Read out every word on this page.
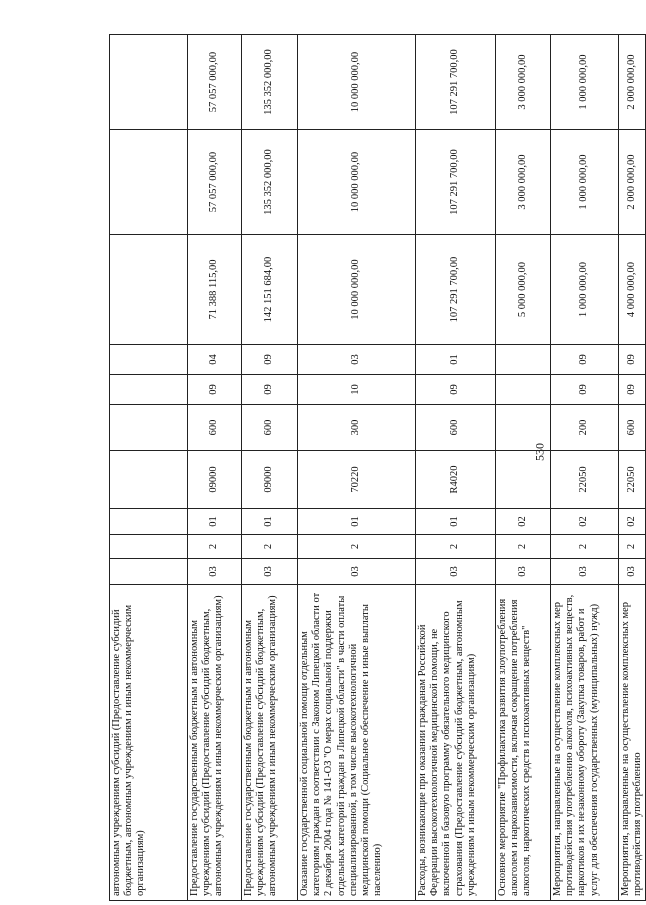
530
автономным учреждениям субсидий (Предоставление субсидий бюджетным, автономным учреждениям и иным некоммерческим организациям)										
Предоставление государственным бюджетным и автономным учреждениям субсидий (Предоставление субсидий бюджетным, автономным учреждениям и иным некоммерческим организациям)	03	2	01	09000	600	09	04	71 388 115,00	57 057 000,00	57 057 000,00
Предоставление государственным бюджетным и автономным учреждениям субсидий (Предоставление субсидий бюджетным, автономным учреждениям и иным некоммерческим организациям)	03	2	01	09000	600	09	09	142 151 684,00	135 352 000,00	135 352 000,00
Оказание государственной социальной помощи отдельным категориям граждан в соответствии с Законом Липецкой области от 2 декабря 2004 года № 141-ОЗ "О мерах социальной поддержки отдельных категорий граждан в Липецкой области" в части оплаты специализированной, в том числе высокотехнологичной медицинской помощи (Социальное обеспечение и иные выплаты населению)	03	2	01	70220	300	10	03	10 000 000,00	10 000 000,00	10 000 000,00
Расходы, возникающие при оказании гражданам Российской Федерации высокотехнологичной медицинской помощи, не включенной в базовую программу обязательного медицинского страхования (Предоставление субсидий бюджетным, автономным учреждениям и иным некоммерческим организациям)	03	2	01	R4020	600	09	01	107 291 700,00	107 291 700,00	107 291 700,00
Основное мероприятие "Профилактика развития злоупотребления алкоголем и наркозависимости, включая сокращение потребления алкоголя, наркотических средств и психоактивных веществ"	03	2	02					5 000 000,00	3 000 000,00	3 000 000,00
Мероприятия, направленные на осуществление комплексных мер противодействия употреблению алкоголя, психоактивных веществ, наркотиков и их незаконному обороту (Закупка товаров, работ и услуг для обеспечения государственных (муниципальных) нужд)	03	2	02	22050	200	09	09	1 000 000,00	1 000 000,00	1 000 000,00
Мероприятия, направленные на осуществление комплексных мер противодействия употреблению	03	2	02	22050	600	09	09	4 000 000,00	2 000 000,00	2 000 000,00
